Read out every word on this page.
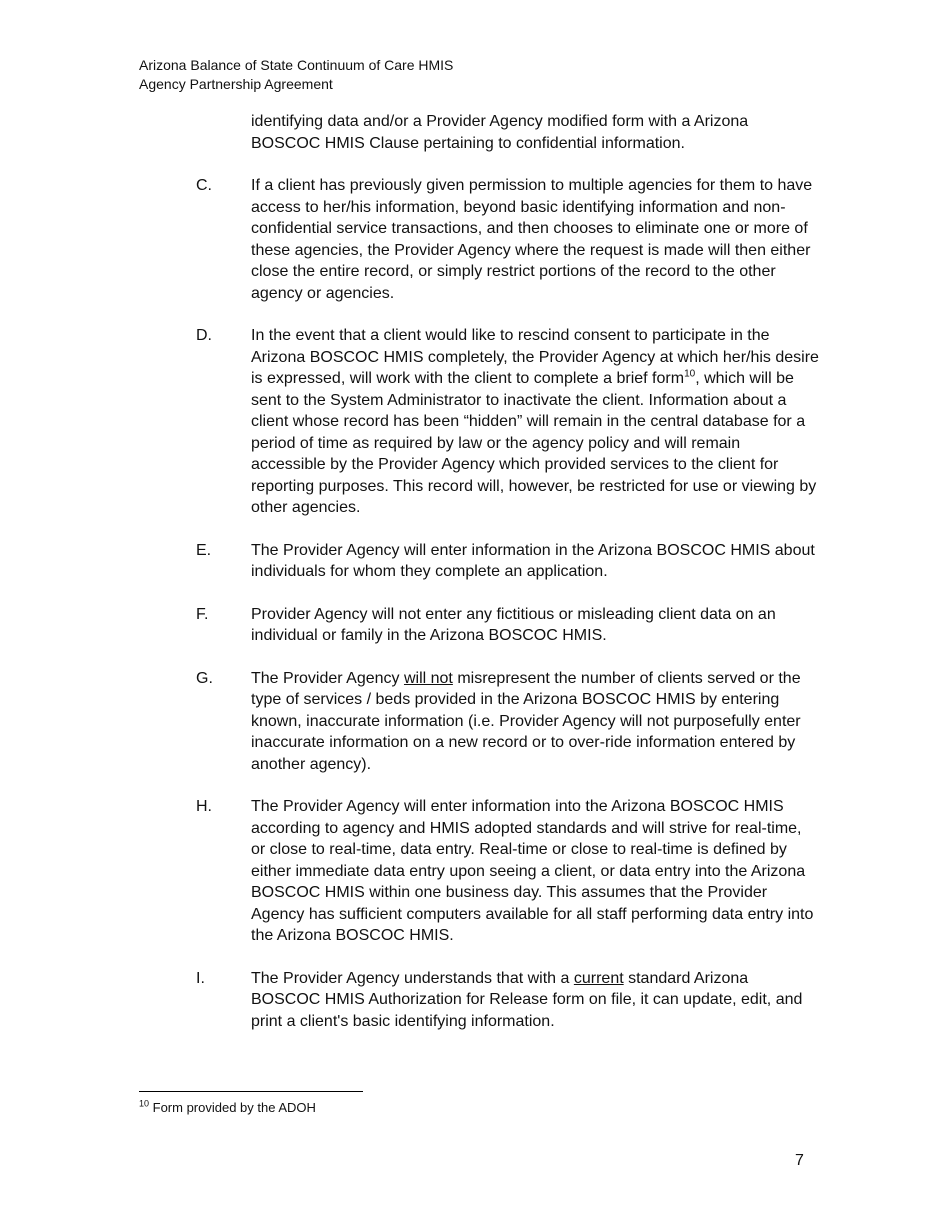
Arizona Balance of State Continuum of Care HMIS
Agency Partnership Agreement
identifying data and/or a Provider Agency modified form with a Arizona BOSCOC HMIS Clause pertaining to confidential information.
C.	If a client has previously given permission to multiple agencies for them to have access to her/his information, beyond basic identifying information and non-confidential service transactions, and then chooses to eliminate one or more of these agencies, the Provider Agency where the request is made will then either close the entire record, or simply restrict portions of the record to the other agency or agencies.
D.	In the event that a client would like to rescind consent to participate in the Arizona BOSCOC HMIS completely, the Provider Agency at which her/his desire is expressed, will work with the client to complete a brief form$^{10}$, which will be sent to the System Administrator to inactivate the client. Information about a client whose record has been “hidden” will remain in the central database for a period of time as required by law or the agency policy and will remain accessible by the Provider Agency which provided services to the client for reporting purposes. This record will, however, be restricted for use or viewing by other agencies.
E.	The Provider Agency will enter information in the Arizona BOSCOC HMIS about individuals for whom they complete an application.
F.	Provider Agency will not enter any fictitious or misleading client data on an individual or family in the Arizona BOSCOC HMIS.
G.	The Provider Agency will not misrepresent the number of clients served or the type of services / beds provided in the Arizona BOSCOC HMIS by entering known, inaccurate information (i.e. Provider Agency will not purposefully enter inaccurate information on a new record or to over-ride information entered by another agency).
H.	The Provider Agency will enter information into the Arizona BOSCOC HMIS according to agency and HMIS adopted standards and will strive for real-time, or close to real-time, data entry. Real-time or close to real-time is defined by either immediate data entry upon seeing a client, or data entry into the Arizona BOSCOC HMIS within one business day. This assumes that the Provider Agency has sufficient computers available for all staff performing data entry into the Arizona BOSCOC HMIS.
I.	The Provider Agency understands that with a current standard Arizona BOSCOC HMIS Authorization for Release form on file, it can update, edit, and print a client's basic identifying information.
$^{10}$ Form provided by the ADOH
7
